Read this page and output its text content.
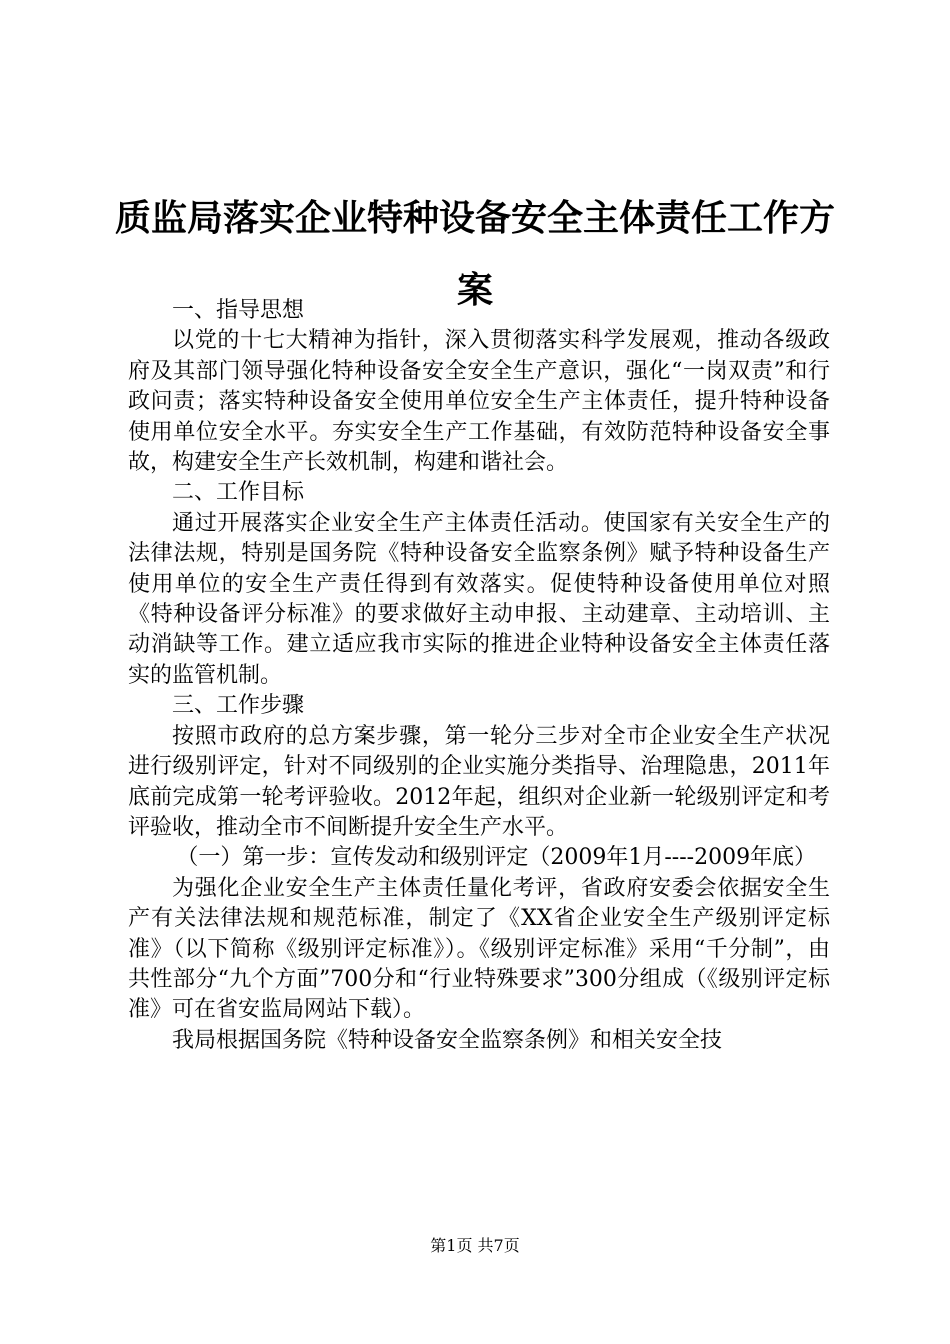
质监局落实企业特种设备安全主体责任工作方案

一、指导思想

以党的十七大精神为指针，深入贯彻落实科学发展观，推动各级政府及其部门领导强化特种设备安全安全生产意识，强化“一岗双责”和行政问责；落实特种设备安全使用单位安全生产主体责任，提升特种设备使用单位安全水平。夯实安全生产工作基础，有效防范特种设备安全事故，构建安全生产长效机制，构建和谐社会。

二、工作目标

通过开展落实企业安全生产主体责任活动。使国家有关安全生产的法律法规，特别是国务院《特种设备安全监察条例》赋予特种设备生产使用单位的安全生产责任得到有效落实。促使特种设备使用单位对照《特种设备评分标准》的要求做好主动申报、主动建章、主动培训、主动消缺等工作。建立适应我市实际的推进企业特种设备安全主体责任落实的监管机制。

三、工作步骤

按照市政府的总方案步骤，第一轮分三步对全市企业安全生产状况进行级别评定，针对不同级别的企业实施分类指导、治理隐患，2011年底前完成第一轮考评验收。2012年起，组织对企业新一轮级别评定和考评验收，推动全市不间断提升安全生产水平。

（一）第一步：宣传发动和级别评定（2009年1月----2009年底）

为强化企业安全生产主体责任量化考评，省政府安委会依据安全生产有关法律法规和规范标准，制定了《XX省企业安全生产级别评定标准》（以下简称《级别评定标准》）。《级别评定标准》采用“千分制”，由共性部分“九个方面”700分和“行业特殊要求”300分组成（《级别评定标准》可在省安监局网站下载）。

我局根据国务院《特种设备安全监察条例》和相关安全技

第1页 共7页
